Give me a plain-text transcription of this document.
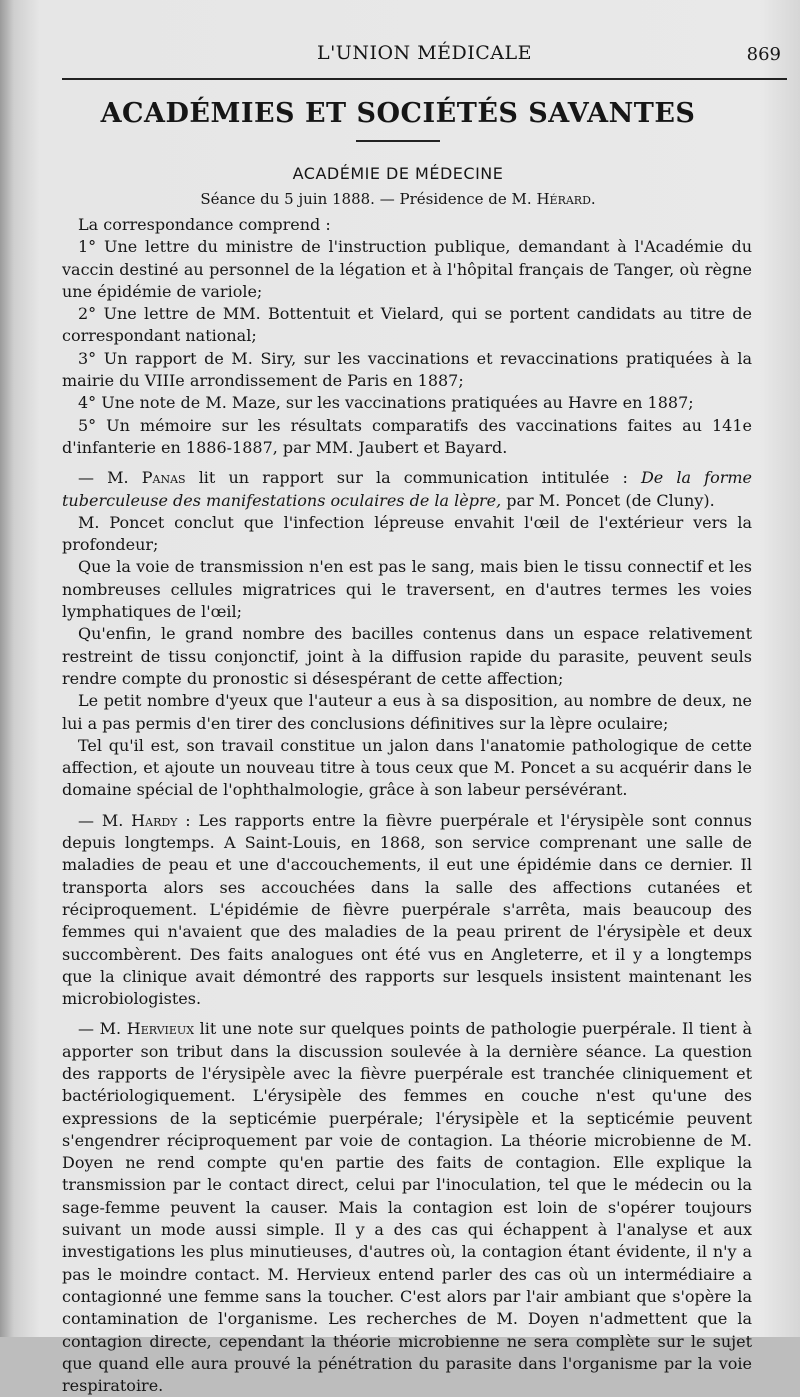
L'UNION MÉDICALE	869
ACADÉMIES ET SOCIÉTÉS SAVANTES
ACADÉMIE DE MÉDECINE
Séance du 5 juin 1888. — Présidence de M. Hérard.

La correspondance comprend :

1° Une lettre du ministre de l'instruction publique, demandant à l'Académie du vaccin destiné au personnel de la légation et à l'hôpital français de Tanger, où règne une épidémie de variole;

2° Une lettre de MM. Bottentuit et Vielard, qui se portent candidats au titre de correspondant national;

3° Un rapport de M. Siry, sur les vaccinations et revaccinations pratiquées à la mairie du VIIIe arrondissement de Paris en 1887;

4° Une note de M. Maze, sur les vaccinations pratiquées au Havre en 1887;

5° Un mémoire sur les résultats comparatifs des vaccinations faites au 141e d'infanterie en 1886-1887, par MM. Jaubert et Bayard.

— M. Panas lit un rapport sur la communication intitulée : De la forme tuberculeuse des manifestations oculaires de la lèpre, par M. Poncet (de Cluny).

M. Poncet conclut que l'infection lépreuse envahit l'œil de l'extérieur vers la profondeur;

Que la voie de transmission n'en est pas le sang, mais bien le tissu connectif et les nombreuses cellules migratrices qui le traversent, en d'autres termes les voies lymphatiques de l'œil;

Qu'enfin, le grand nombre des bacilles contenus dans un espace relativement restreint de tissu conjonctif, joint à la diffusion rapide du parasite, peuvent seuls rendre compte du pronostic si désespérant de cette affection;

Le petit nombre d'yeux que l'auteur a eus à sa disposition, au nombre de deux, ne lui a pas permis d'en tirer des conclusions définitives sur la lèpre oculaire;

Tel qu'il est, son travail constitue un jalon dans l'anatomie pathologique de cette affection, et ajoute un nouveau titre à tous ceux que M. Poncet a su acquérir dans le domaine spécial de l'ophthalmologie, grâce à son labeur persévérant.

— M. Hardy : Les rapports entre la fièvre puerpérale et l'érysipèle sont connus depuis longtemps. A Saint-Louis, en 1868, son service comprenant une salle de maladies de peau et une d'accouchements, il eut une épidémie dans ce dernier. Il transporta alors ses accouchées dans la salle des affections cutanées et réciproquement. L'épidémie de fièvre puerpérale s'arrêta, mais beaucoup des femmes qui n'avaient que des maladies de la peau prirent de l'érysipèle et deux succombèrent. Des faits analogues ont été vus en Angleterre, et il y a longtemps que la clinique avait démontré des rapports sur lesquels insistent maintenant les microbiologistes.

— M. Hervieux lit une note sur quelques points de pathologie puerpérale. Il tient à apporter son tribut dans la discussion soulevée à la dernière séance. La question des rapports de l'érysipèle avec la fièvre puerpérale est tranchée cliniquement et bactériologiquement. L'érysipèle des femmes en couche n'est qu'une des expressions de la septicémie puerpérale; l'érysipèle et la septicémie peuvent s'engendrer réciproquement par voie de contagion. La théorie microbienne de M. Doyen ne rend compte qu'en partie des faits de contagion. Elle explique la transmission par le contact direct, celui par l'inoculation, tel que le médecin ou la sage-femme peuvent la causer. Mais la contagion est loin de s'opérer toujours suivant un mode aussi simple. Il y a des cas qui échappent à l'analyse et aux investigations les plus minutieuses, d'autres où, la contagion étant évidente, il n'y a pas le moindre contact. M. Hervieux entend parler des cas où un intermédiaire a contagionné une femme sans la toucher. C'est alors par l'air ambiant que s'opère la contamination de l'organisme. Les recherches de M. Doyen n'admettent que la contagion directe, cependant la théorie microbienne ne sera complète sur le sujet que quand elle aura prouvé la pénétration du parasite dans l'organisme par la voie respiratoire.
